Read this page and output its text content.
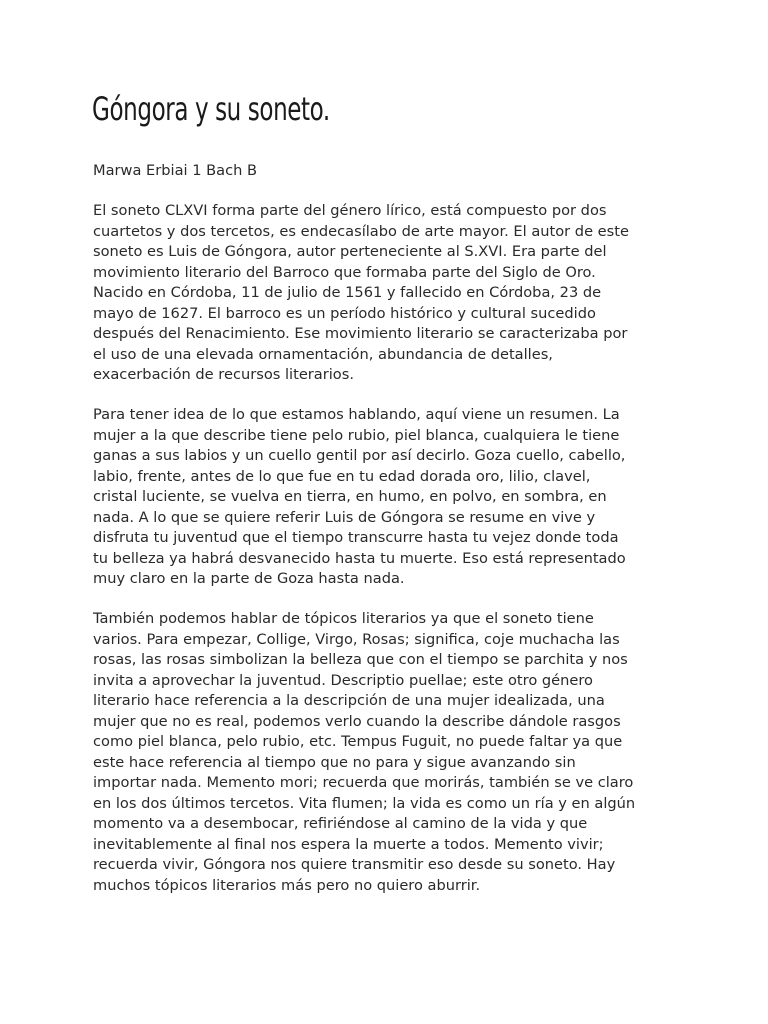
Góngora y su soneto.

Marwa Erbiai 1 Bach B

El soneto CLXVI forma parte del género lírico, está compuesto por dos
cuartetos y dos tercetos, es endecasílabo de arte mayor. El autor de este
soneto es Luis de Góngora, autor perteneciente al S.XVI. Era parte del
movimiento literario del Barroco que formaba parte del Siglo de Oro.
Nacido en Córdoba, 11 de julio de 1561 y fallecido en Córdoba, 23 de
mayo de 1627. El barroco es un período histórico y cultural sucedido
después del Renacimiento. Ese movimiento literario se caracterizaba por
el uso de una elevada ornamentación, abundancia de detalles,
exacerbación de recursos literarios.

Para tener idea de lo que estamos hablando, aquí viene un resumen. La
mujer a la que describe tiene pelo rubio, piel blanca, cualquiera le tiene
ganas a sus labios y un cuello gentil por así decirlo. Goza cuello, cabello,
labio, frente, antes de lo que fue en tu edad dorada oro, lilio, clavel,
cristal luciente, se vuelva en tierra, en humo, en polvo, en sombra, en
nada. A lo que se quiere referir Luis de Góngora se resume en vive y
disfruta tu juventud que el tiempo transcurre hasta tu vejez donde toda
tu belleza ya habrá desvanecido hasta tu muerte. Eso está representado
muy claro en la parte de Goza hasta nada.

También podemos hablar de tópicos literarios ya que el soneto tiene
varios. Para empezar, Collige, Virgo, Rosas; significa, coje muchacha las
rosas, las rosas simbolizan la belleza que con el tiempo se parchita y nos
invita a aprovechar la juventud. Descriptio puellae; este otro género
literario hace referencia a la descripción de una mujer idealizada, una
mujer que no es real, podemos verlo cuando la describe dándole rasgos
como piel blanca, pelo rubio, etc. Tempus Fuguit, no puede faltar ya que
este hace referencia al tiempo que no para y sigue avanzando sin
importar nada. Memento mori; recuerda que morirás, también se ve claro
en los dos últimos tercetos. Vita flumen; la vida es como un ría y en algún
momento va a desembocar, refiriéndose al camino de la vida y que
inevitablemente al final nos espera la muerte a todos. Memento vivir;
recuerda vivir, Góngora nos quiere transmitir eso desde su soneto. Hay
muchos tópicos literarios más pero no quiero aburrir.
